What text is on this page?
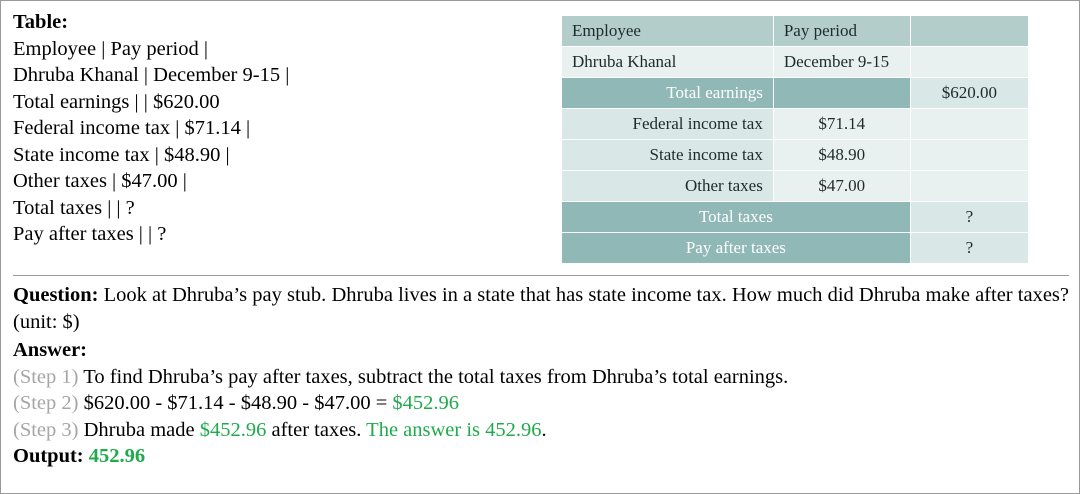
Table:
Employee | Pay period |
Dhruba Khanal | December 9-15 |
Total earnings | | $620.00
Federal income tax | $71.14 |
State income tax | $48.90 |
Other taxes | $47.00 |
Total taxes | | ?
Pay after taxes | | ?
Employee	Pay period	
Dhruba Khanal	December 9-15	
Total earnings		$620.00
Federal income tax	$71.14	
State income tax	$48.90	
Other taxes	$47.00	
Total taxes		?
Pay after taxes		?
Question: Look at Dhruba’s pay stub. Dhruba lives in a state that has state income tax. How much did Dhruba make after taxes? (unit: $)
Answer:
(Step 1) To find Dhruba’s pay after taxes, subtract the total taxes from Dhruba’s total earnings.
(Step 2) $620.00 - $71.14 - $48.90 - $47.00 = $452.96
(Step 3) Dhruba made $452.96 after taxes. The answer is 452.96.
Output: 452.96
